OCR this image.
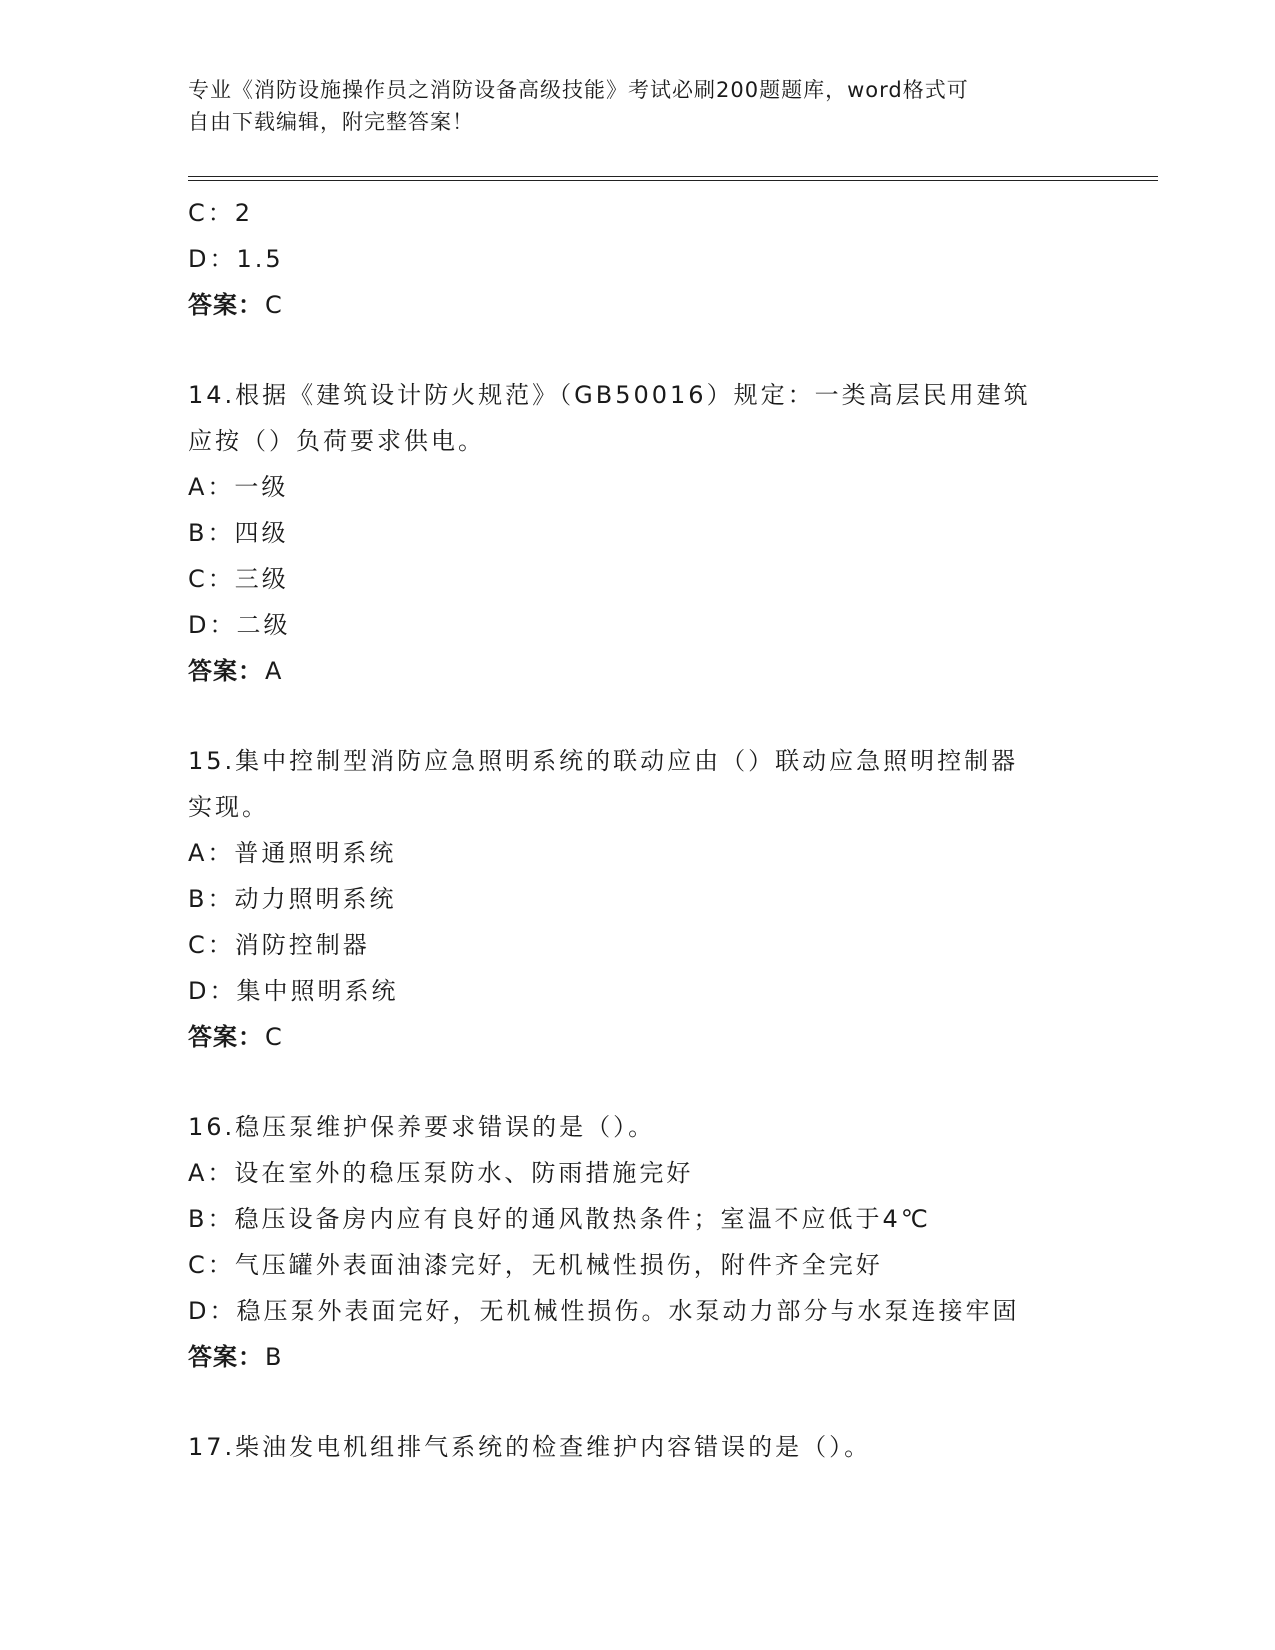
专业《消防设施操作员之消防设备高级技能》考试必刷200题题库，word格式可
自由下载编辑，附完整答案！
C：2
D：1.5
答案：C
14.根据《建筑设计防火规范》（GB50016）规定：一类高层民用建筑
应按（）负荷要求供电。
A：一级
B：四级
C：三级
D：二级
答案：A
15.集中控制型消防应急照明系统的联动应由（）联动应急照明控制器
实现。
A：普通照明系统
B：动力照明系统
C：消防控制器
D：集中照明系统
答案：C
16.稳压泵维护保养要求错误的是（）。
A：设在室外的稳压泵防水、防雨措施完好
B：稳压设备房内应有良好的通风散热条件；室温不应低于4℃
C：气压罐外表面油漆完好，无机械性损伤，附件齐全完好
D：稳压泵外表面完好，无机械性损伤。水泵动力部分与水泵连接牢固
答案：B
17.柴油发电机组排气系统的检查维护内容错误的是（）。
